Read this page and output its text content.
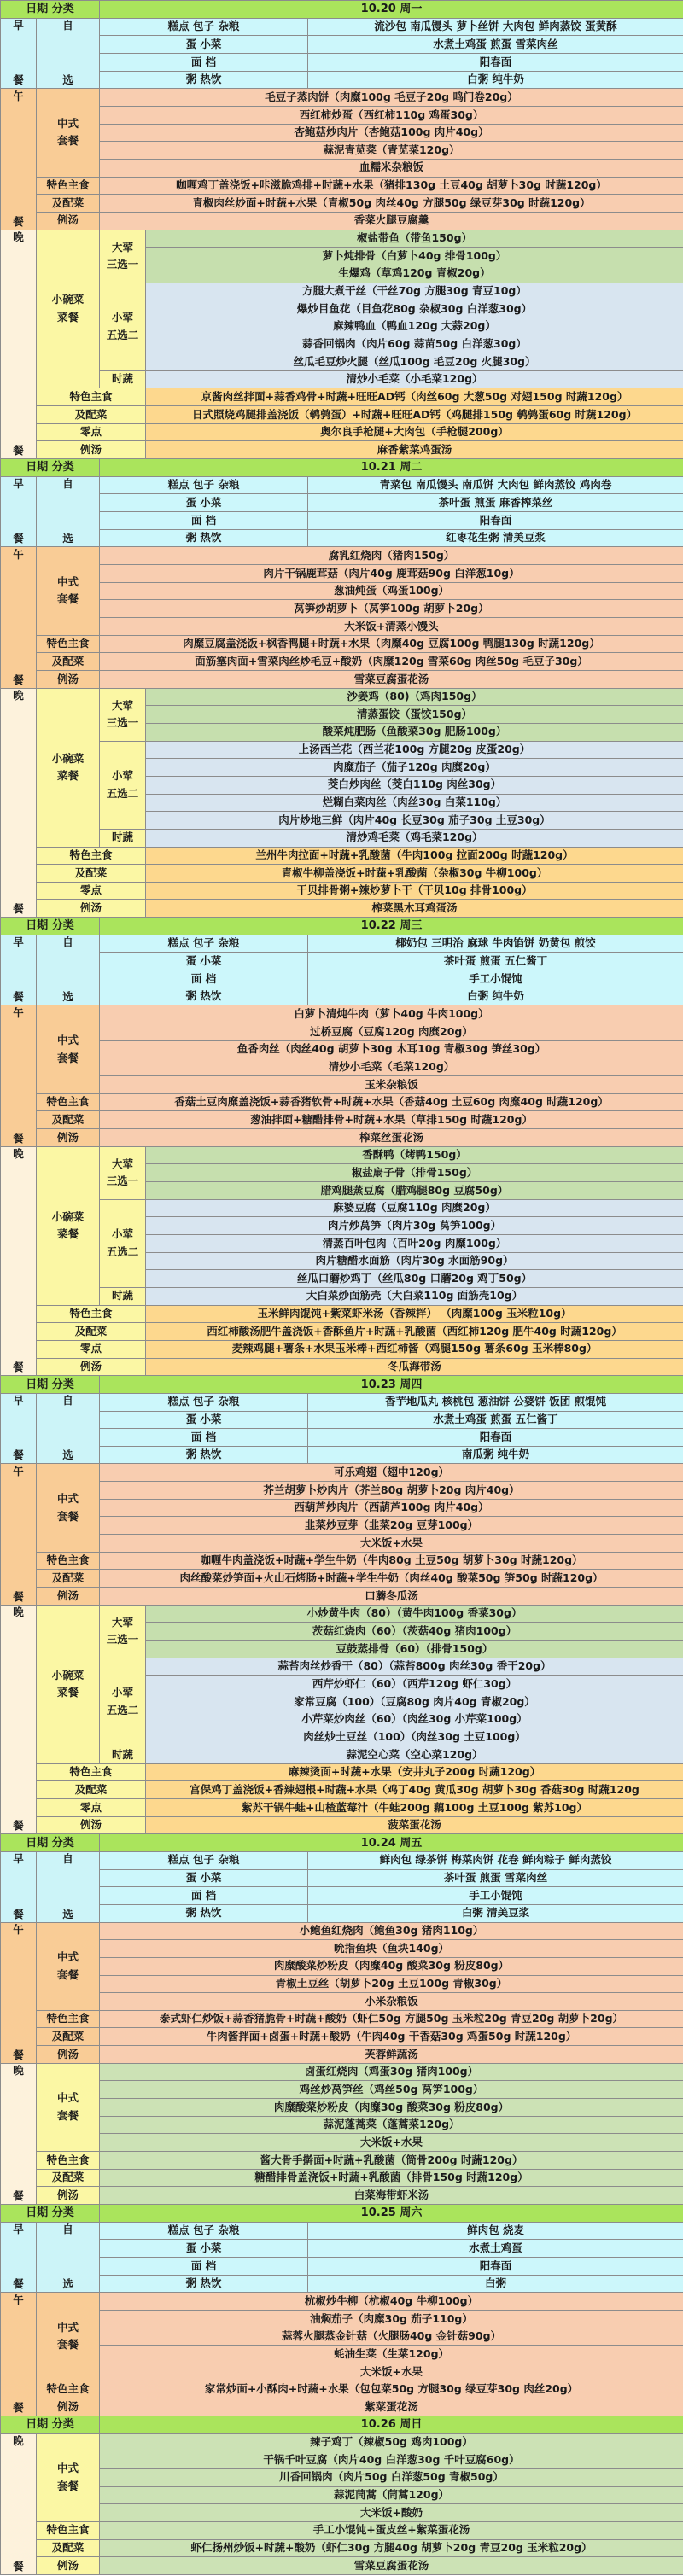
日期 分类		10.20 周一		

早
餐	自
选	糕点 包子 杂粮		流沙包 南瓜馒头 萝卜丝饼 大肉包 鲜肉蒸饺 蛋黄酥
		蛋 小菜		水煮土鸡蛋 煎蛋 雪菜肉丝
		面 档		阳春面
		粥 热饮		白粥 纯牛奶

午
餐	中式
套餐	毛豆子蒸肉饼（肉糜100g 毛豆子20g 鸣门卷20g）		
		西红柿炒蛋（西红柿110g 鸡蛋30g）		
		杏鲍菇炒肉片（杏鲍菇100g 肉片40g）		
		蒜泥青苋菜（青苋菜120g）		
		血糯米杂粮饭		
	特色主食	咖喱鸡丁盖浇饭+咔滋脆鸡排+时蔬+水果（猪排130g 土豆40g 胡萝卜30g 时蔬120g）		
	及配菜	青椒肉丝炒面+时蔬+水果（青椒50g 肉丝40g 方腿50g 绿豆芽30g 时蔬120g）		
	例汤	香菜火腿豆腐羹		

晚
餐	小碗菜
菜餐	大荤
三选一	椒盐带鱼（带鱼150g）	
			萝卜炖排骨（白萝卜40g 排骨100g）	
			生爆鸡（草鸡120g 青椒20g）	

		小荤
五选二	方腿大煮干丝（干丝70g 方腿30g 青豆10g）	
			爆炒目鱼花（目鱼花80g 杂椒30g 白洋葱30g）	
			麻辣鸭血（鸭血120g 大蒜20g）	
			蒜香回锅肉（肉片60g 蒜苗50g 白洋葱30g）	
			丝瓜毛豆炒火腿（丝瓜100g 毛豆20g 火腿30g）	
		时蔬	清炒小毛菜（小毛菜120g）	
	特色主食		京酱肉丝拌面+蒜香鸡骨+时蔬+旺旺AD钙（肉丝60g 大葱50g 对翅150g 时蔬120g）	
	及配菜		日式照烧鸡腿排盖浇饭（鹌鹑蛋）+时蔬+旺旺AD钙（鸡腿排150g 鹌鹑蛋60g 时蔬120g）	
	零点		奥尔良手枪腿+大肉包（手枪腿200g）	
	例汤		麻香紫菜鸡蛋汤	
日期 分类		10.21 周二		

早
餐	自
选	糕点 包子 杂粮		青菜包 南瓜馒头 南瓜饼 大肉包 鲜肉蒸饺 鸡肉卷
		蛋 小菜		茶叶蛋 煎蛋 麻香榨菜丝
		面 档		阳春面
		粥 热饮		红枣花生粥 清美豆浆

午
餐	中式
套餐	腐乳红烧肉（猪肉150g）		
		肉片干锅鹿茸菇（肉片40g 鹿茸菇90g 白洋葱10g）		
		葱油炖蛋（鸡蛋100g）		
		莴笋炒胡萝卜（莴笋100g 胡萝卜20g）		
		大米饭+清蒸小馒头		
	特色主食	肉糜豆腐盖浇饭+枫香鸭腿+时蔬+水果（肉糜40g 豆腐100g 鸭腿130g 时蔬120g）		
	及配菜	面筋塞肉面+雪菜肉丝炒毛豆+酸奶（肉糜120g 雪菜60g 肉丝50g 毛豆子30g）		
	例汤	雪菜豆腐蛋花汤		

晚
餐	小碗菜
菜餐	大荤
三选一	沙姜鸡（80)（鸡肉150g）	
			清蒸蛋饺（蛋饺150g）	
			酸菜炖肥肠（鱼酸菜30g 肥肠100g）	

		小荤
五选二	上汤西兰花（西兰花100g 方腿20g 皮蛋20g）	
			肉糜茄子（茄子120g 肉糜20g）	
			茭白炒肉丝（茭白110g 肉丝30g）	
			烂糊白菜肉丝（肉丝30g 白菜110g）	
			肉片炒地三鲜（肉片40g 长豆30g 茄子30g 土豆30g）	
		时蔬	清炒鸡毛菜（鸡毛菜120g）	
	特色主食		兰州牛肉拉面+时蔬+乳酸菌（牛肉100g 拉面200g 时蔬120g）	
	及配菜		青椒牛柳盖浇饭+时蔬+乳酸菌（杂椒30g 牛柳100g）	
	零点		干贝排骨粥+辣炒萝卜干（干贝10g 排骨100g）	
	例汤		榨菜黑木耳鸡蛋汤	
日期 分类		10.22 周三		

早
餐	自
选	糕点 包子 杂粮		椰奶包 三明治 麻球 牛肉馅饼 奶黄包 煎饺
		蛋 小菜		茶叶蛋 煎蛋 五仁酱丁
		面 档		手工小馄饨
		粥 热饮		白粥 纯牛奶

午
餐	中式
套餐	白萝卜清炖牛肉（萝卜40g 牛肉100g）		
		过桥豆腐（豆腐120g 肉糜20g）		
		鱼香肉丝（肉丝40g 胡萝卜30g 木耳10g 青椒30g 笋丝30g）		
		清炒小毛菜（毛菜120g）		
		玉米杂粮饭		
	特色主食	香菇土豆肉糜盖浇饭+蒜香猪软骨+时蔬+水果（香菇40g 土豆60g 肉糜40g 时蔬120g）		
	及配菜	葱油拌面+糖醋排骨+时蔬+水果（草排150g 时蔬120g）		
	例汤	榨菜丝蛋花汤		

晚
餐	小碗菜
菜餐	大荤
三选一	香酥鸭（烤鸭150g）	
			椒盐扇子骨（排骨150g）	
			腊鸡腿蒸豆腐（腊鸡腿80g 豆腐50g）	

		小荤
五选二	麻婆豆腐（豆腐110g 肉糜20g）	
			肉片炒莴笋（肉片30g 莴笋100g）	
			清蒸百叶包肉（百叶20g 肉糜100g）	
			肉片糖醋水面筋（肉片30g 水面筋90g）	
			丝瓜口蘑炒鸡丁（丝瓜80g 口蘑20g 鸡丁50g）	
		时蔬	大白菜炒面筋壳（大白菜110g 面筋壳10g）	
	特色主食		玉米鲜肉馄饨+紫菜虾米汤（香辣拌） （肉糜100g 玉米粒10g）	
	及配菜		西红柿酸汤肥牛盖浇饭+香酥鱼片+时蔬+乳酸菌（西红柿120g 肥牛40g 时蔬120g）	
	零点		麦辣鸡腿+薯条+水果玉米棒+西红柿酱（鸡腿150g 薯条60g 玉米棒80g）	
	例汤		冬瓜海带汤	
日期 分类		10.23 周四		

早
餐	自
选	糕点 包子 杂粮		香芋地瓜丸 核桃包 葱油饼 公婆饼 饭团 煎馄饨
		蛋 小菜		水煮土鸡蛋 煎蛋 五仁酱丁
		面 档		阳春面
		粥 热饮		南瓜粥 纯牛奶

午
餐	中式
套餐	可乐鸡翅（翅中120g）		
		芥兰胡萝卜炒肉片（芥兰80g 胡萝卜20g 肉片40g）		
		西葫芦炒肉片（西葫芦100g 肉片40g）		
		韭菜炒豆芽（韭菜20g 豆芽100g）		
		大米饭+水果		
	特色主食	咖喱牛肉盖浇饭+时蔬+学生牛奶（牛肉80g 土豆50g 胡萝卜30g 时蔬120g）		
	及配菜	肉丝酸菜炒笋面+火山石烤肠+时蔬+学生牛奶（肉丝40g 酸菜50g 笋50g 时蔬120g）		
	例汤	口蘑冬瓜汤		

晚
餐	小碗菜
菜餐	大荤
三选一	小炒黄牛肉（80）（黄牛肉100g 香菜30g）	
			茨菇红烧肉（60）（茨菇40g 猪肉100g）	
			豆鼓蒸排骨（60）（排骨150g）	

		小荤
五选二	蒜苔肉丝炒香干（80）（蒜苔800g 肉丝30g 香干20g）	
			西芹炒虾仁（60）（西芹120g 虾仁30g）	
			家常豆腐（100）（豆腐80g 肉片40g 青椒20g）	
			小芹菜炒肉丝（60）（肉丝30g 小芹菜100g）	
			肉丝炒土豆丝（100）（肉丝30g 土豆100g）	
		时蔬	蒜泥空心菜（空心菜120g）	
	特色主食		麻辣烫面+时蔬+水果（安井丸子200g 时蔬120g）	
	及配菜		宫保鸡丁盖浇饭+香辣翅根+时蔬+水果（鸡丁40g 黄瓜30g 胡萝卜30g 香菇30g 时蔬120g	
	零点		紫苏干锅牛蛙+山楂蓝莓汁（牛蛙200g 藕100g 土豆100g 紫苏10g）	
	例汤		菠菜蛋花汤	
日期 分类		10.24 周五		

早
餐	自
选	糕点 包子 杂粮		鲜肉包 绿茶饼 梅菜肉饼 花卷 鲜肉粽子 鲜肉蒸饺
		蛋 小菜		茶叶蛋 煎蛋 雪菜肉丝
		面 档		手工小馄饨
		粥 热饮		白粥 清美豆浆

午
餐	中式
套餐	小鲍鱼红烧肉（鲍鱼30g 猪肉110g）		
		吮指鱼块（鱼块140g）		
		肉糜酸菜炒粉皮（肉糜40g 酸菜30g 粉皮80g）		
		青椒土豆丝（胡萝卜20g 土豆100g 青椒30g）		
		小米杂粮饭		
	特色主食	泰式虾仁炒饭+蒜香猪脆骨+时蔬+酸奶（虾仁50g 方腿50g 玉米粒20g 青豆20g 胡萝卜20g）		
	及配菜	牛肉酱拌面+卤蛋+时蔬+酸奶（牛肉40g 干香菇30g 鸡蛋50g 时蔬120g）		
	例汤	芙蓉鲜蔬汤		

晚
餐	中式
套餐	卤蛋红烧肉（鸡蛋30g 猪肉100g）		
		鸡丝炒莴笋丝（鸡丝50g 莴笋100g）		
		肉糜酸菜炒粉皮（肉糜30g 酸菜30g 粉皮80g）		
		蒜泥蓬蒿菜（蓬蒿菜120g）		
		大米饭+水果		
	特色主食	酱大骨手擀面+时蔬+乳酸菌（筒骨200g 时蔬120g）		
	及配菜	糖醋排骨盖浇饭+时蔬+乳酸菌（排骨150g 时蔬120g）		
	例汤	白菜海带虾米汤		
日期 分类		10.25 周六		

早
餐	自
选	糕点 包子 杂粮		鲜肉包 烧麦
		蛋 小菜		水煮土鸡蛋
		面 档		阳春面
		粥 热饮		白粥

午
餐	中式
套餐	杭椒炒牛柳（杭椒40g 牛柳100g）		
		油焖茄子（肉糜30g 茄子110g）		
		蒜蓉火腿蒸金针菇（火腿肠40g 金针菇90g）		
		蚝油生菜（生菜120g）		
		大米饭+水果		
	特色主食	家常炒面+小酥肉+时蔬+水果（包包菜50g 方腿30g 绿豆芽30g 肉丝20g）		
	例汤	紫菜蛋花汤		
日期 分类		10.26 周日		

晚
餐	中式
套餐	辣子鸡丁（辣椒50g 鸡肉100g）		
		干锅千叶豆腐（肉片40g 白洋葱30g 千叶豆腐60g）		
		川香回锅肉（肉片50g 白洋葱50g 青椒50g）		
		蒜泥茼蒿（茼蒿120g）		
		大米饭+酸奶		
	特色主食	手工小馄饨+蛋皮丝+紫菜蛋花汤		
	及配菜	虾仁扬州炒饭+时蔬+酸奶（虾仁30g 方腿40g 胡萝卜20g 青豆20g 玉米粒20g）		
	例汤	雪菜豆腐蛋花汤		
